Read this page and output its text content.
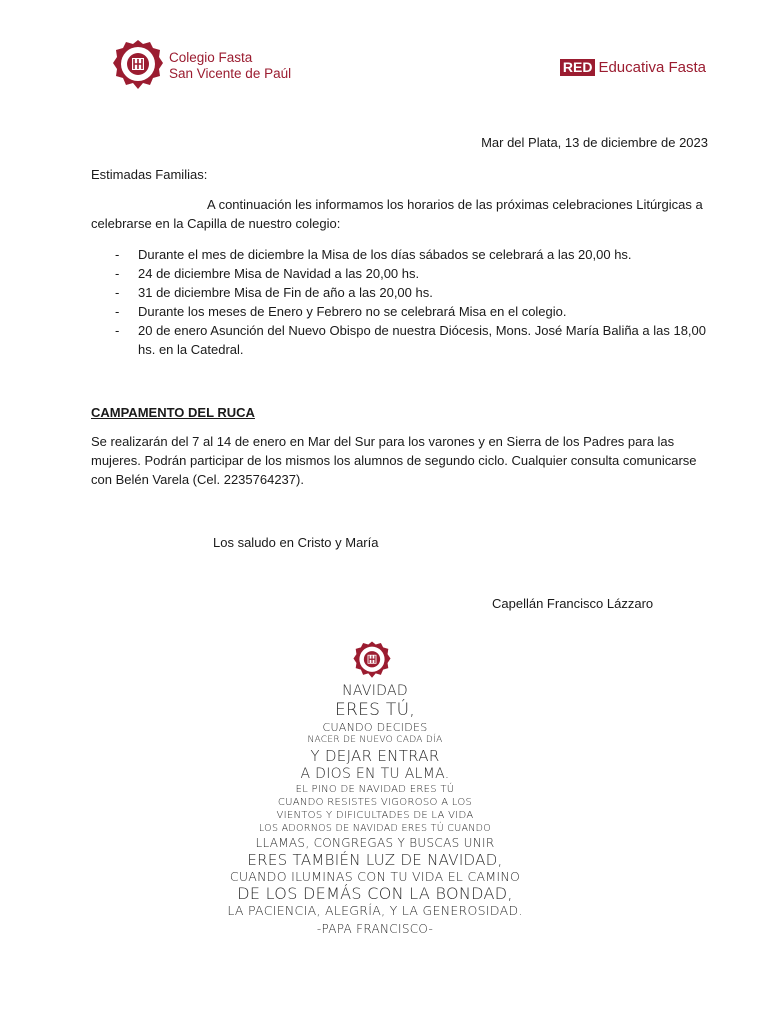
Colegio Fasta
San Vicente de Paúl	RED Educativa Fasta
Mar del Plata, 13 de diciembre de 2023
Estimadas Familias:
A continuación les informamos los horarios de las próximas celebraciones Litúrgicas a celebrarse en la Capilla de nuestro colegio:
- Durante el mes de diciembre la Misa de los días sábados se celebrará a las 20,00 hs.
- 24 de diciembre Misa de Navidad a las 20,00 hs.
- 31 de diciembre Misa de Fin de año a las 20,00 hs.
- Durante los meses de Enero y Febrero no se celebrará Misa en el colegio.
- 20 de enero Asunción del Nuevo Obispo de nuestra Diócesis, Mons. José María Baliña a las 18,00 hs. en la Catedral.
CAMPAMENTO DEL RUCA
Se realizarán del 7 al 14 de enero en Mar del Sur para los varones y en Sierra de los Padres para las mujeres. Podrán participar de los mismos los alumnos de segundo ciclo. Cualquier consulta comunicarse con Belén Varela (Cel. 2235764237).
Los saludo en Cristo y María
Capellán Francisco Lázzaro
NAVIDAD
ERES TÚ,
CUANDO DECIDES
NACER DE NUEVO CADA DÍA
Y DEJAR ENTRAR
A DIOS EN TU ALMA.
EL PINO DE NAVIDAD ERES TÚ
CUANDO RESISTES VIGOROSO A LOS
VIENTOS Y DIFICULTADES DE LA VIDA
LOS ADORNOS DE NAVIDAD ERES TÚ CUANDO
LLAMAS, CONGREGAS Y BUSCAS UNIR
ERES TAMBIÉN LUZ DE NAVIDAD,
CUANDO ILUMINAS CON TU VIDA EL CAMINO
DE LOS DEMÁS CON LA BONDAD,
LA PACIENCIA, ALEGRÍA, Y LA GENEROSIDAD.
-PAPA FRANCISCO-
